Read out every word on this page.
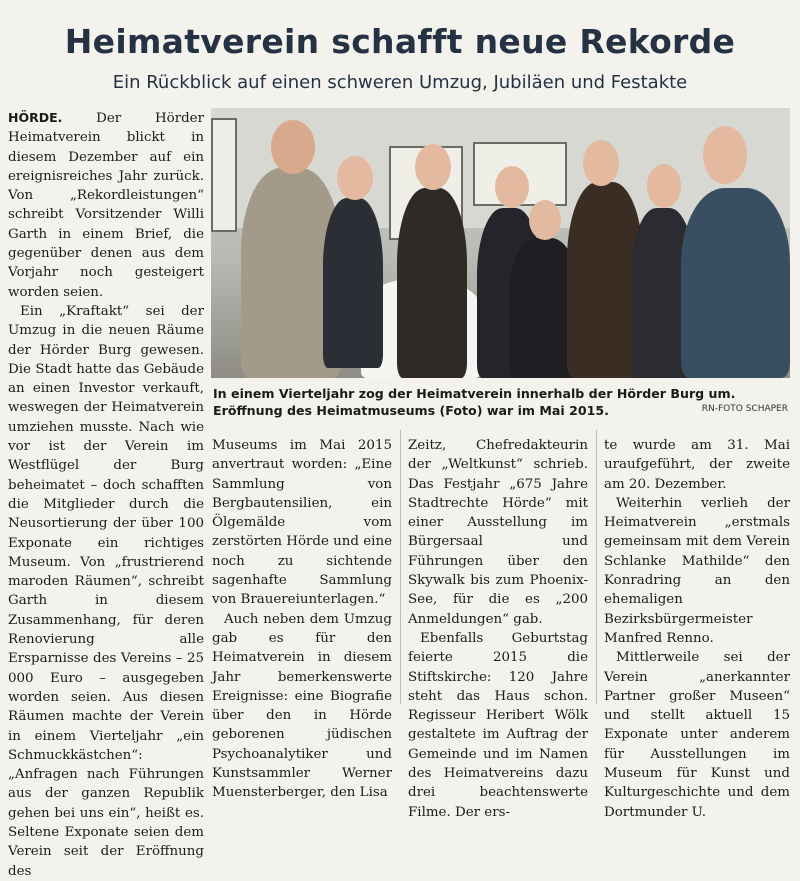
Heimatverein schafft neue Rekorde
Ein Rückblick auf einen schweren Umzug, Jubiläen und Festakte

HÖRDE.	Der Hörder Heimatverein blickt in diesem Dezember auf ein ereignisreiches Jahr zurück. Von „Rekordleistungen“ schreibt Vorsitzender Willi Garth in einem Brief, die gegenüber denen aus dem Vorjahr noch gesteigert worden seien.

Ein „Kraftakt“ sei der Umzug in die neuen Räume der Hörder Burg gewesen. Die Stadt hatte das Gebäude an einen Investor verkauft, weswegen der Heimatverein umziehen musste. Nach wie vor ist der Verein im Westflügel der Burg beheimatet – doch schafften die Mitglieder durch die Neusortierung der über 100 Exponate ein richtiges Museum. Von „frustrierend maroden Räumen“, schreibt Garth in diesem Zusammenhang, für deren Renovierung alle Ersparnisse des Vereins – 25 000 Euro – ausgegeben worden seien. Aus diesen Räumen machte der Verein in einem Vierteljahr „ein Schmuckkästchen“: „Anfragen nach Führungen aus der ganzen Republik gehen bei uns ein“, heißt es. Seltene Exponate seien dem Verein seit der Eröffnung des

In einem Vierteljahr zog der Heimatverein innerhalb der Hörder Burg um. Eröffnung des Heimatmuseums (Foto) war im Mai 2015.	RN-FOTO SCHAPER

Museums im Mai 2015 anvertraut worden: „Eine Sammlung von Bergbautensilien, ein Ölgemälde vom zerstörten Hörde und eine noch zu sichtende sagenhafte Sammlung von Brauereiunterlagen.“

Auch neben dem Umzug gab es für den Heimatverein in diesem Jahr bemerkenswerte Ereignisse: eine Biografie über den in Hörde geborenen jüdischen Psychoanalytiker und Kunstsammler Werner Muensterberger, den Lisa

Zeitz, Chefredakteurin der „Weltkunst“ schrieb. Das Festjahr „675 Jahre Stadtrechte Hörde“ mit einer Ausstellung im Bürgersaal und Führungen über den Skywalk bis zum Phoenix-See, für die es „200 Anmeldungen“ gab.

Ebenfalls Geburtstag feierte 2015 die Stiftskirche: 120 Jahre steht das Haus schon. Regisseur Heribert Wölk gestaltete im Auftrag der Gemeinde und im Namen des Heimatvereins dazu drei beachtenswerte Filme. Der ers-

te wurde am 31. Mai uraufgeführt, der zweite am 20. Dezember.

Weiterhin verlieh der Heimatverein „erstmals gemeinsam mit dem Verein Schlanke Mathilde“ den Konradring an den ehemaligen Bezirksbürgermeister Manfred Renno.

Mittlerweile sei der Verein „anerkannter Partner großer Museen“ und stellt aktuell 15 Exponate unter anderem für Ausstellungen im Museum für Kunst und Kulturgeschichte und dem Dortmunder U.
